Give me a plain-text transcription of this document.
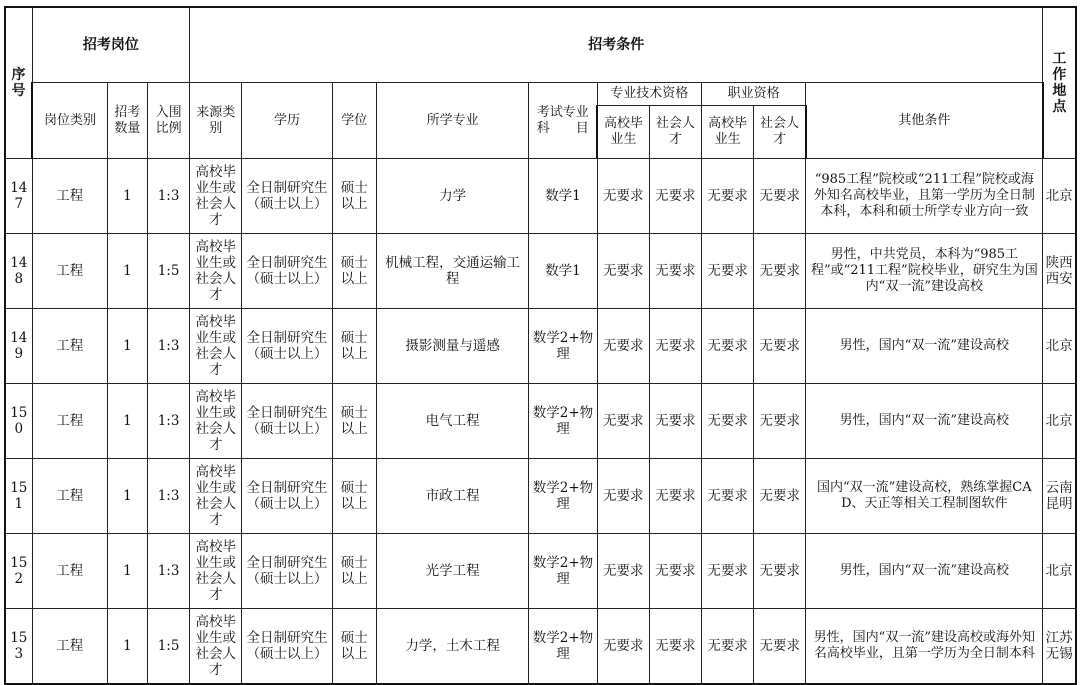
序号	招考岗位			招考条件										工作地点
	岗位类别	招考数量	入围比例	来源类别	学历	学位	所学专业	考试专业科　　目	专业技术资格		职业资格		其他条件	
									高校毕业生	社会人才	高校毕业生	社会人才		
147	工程	1	1:3	高校毕业生或社会人才	全日制研究生（硕士以上）	硕士以上	力学	数学1	无要求	无要求	无要求	无要求	“985工程”院校或“211工程”院校或海外知名高校毕业，且第一学历为全日制本科，本科和硕士所学专业方向一致	北京
148	工程	1	1:5	高校毕业生或社会人才	全日制研究生（硕士以上）	硕士以上	机械工程，交通运输工程	数学1	无要求	无要求	无要求	无要求	男性，中共党员，本科为“985工程”或“211工程”院校毕业，研究生为国内“双一流”建设高校	陕西西安
149	工程	1	1:3	高校毕业生或社会人才	全日制研究生（硕士以上）	硕士以上	摄影测量与遥感	数学2+物理	无要求	无要求	无要求	无要求	男性，国内“双一流”建设高校	北京
150	工程	1	1:3	高校毕业生或社会人才	全日制研究生（硕士以上）	硕士以上	电气工程	数学2+物理	无要求	无要求	无要求	无要求	男性，国内“双一流”建设高校	北京
151	工程	1	1:3	高校毕业生或社会人才	全日制研究生（硕士以上）	硕士以上	市政工程	数学2+物理	无要求	无要求	无要求	无要求	国内“双一流”建设高校，熟练掌握CAD、天正等相关工程制图软件	云南昆明
152	工程	1	1:3	高校毕业生或社会人才	全日制研究生（硕士以上）	硕士以上	光学工程	数学2+物理	无要求	无要求	无要求	无要求	男性，国内“双一流”建设高校	北京
153	工程	1	1:5	高校毕业生或社会人才	全日制研究生（硕士以上）	硕士以上	力学，土木工程	数学2+物理	无要求	无要求	无要求	无要求	男性，国内“双一流”建设高校或海外知名高校毕业，且第一学历为全日制本科	江苏无锡
